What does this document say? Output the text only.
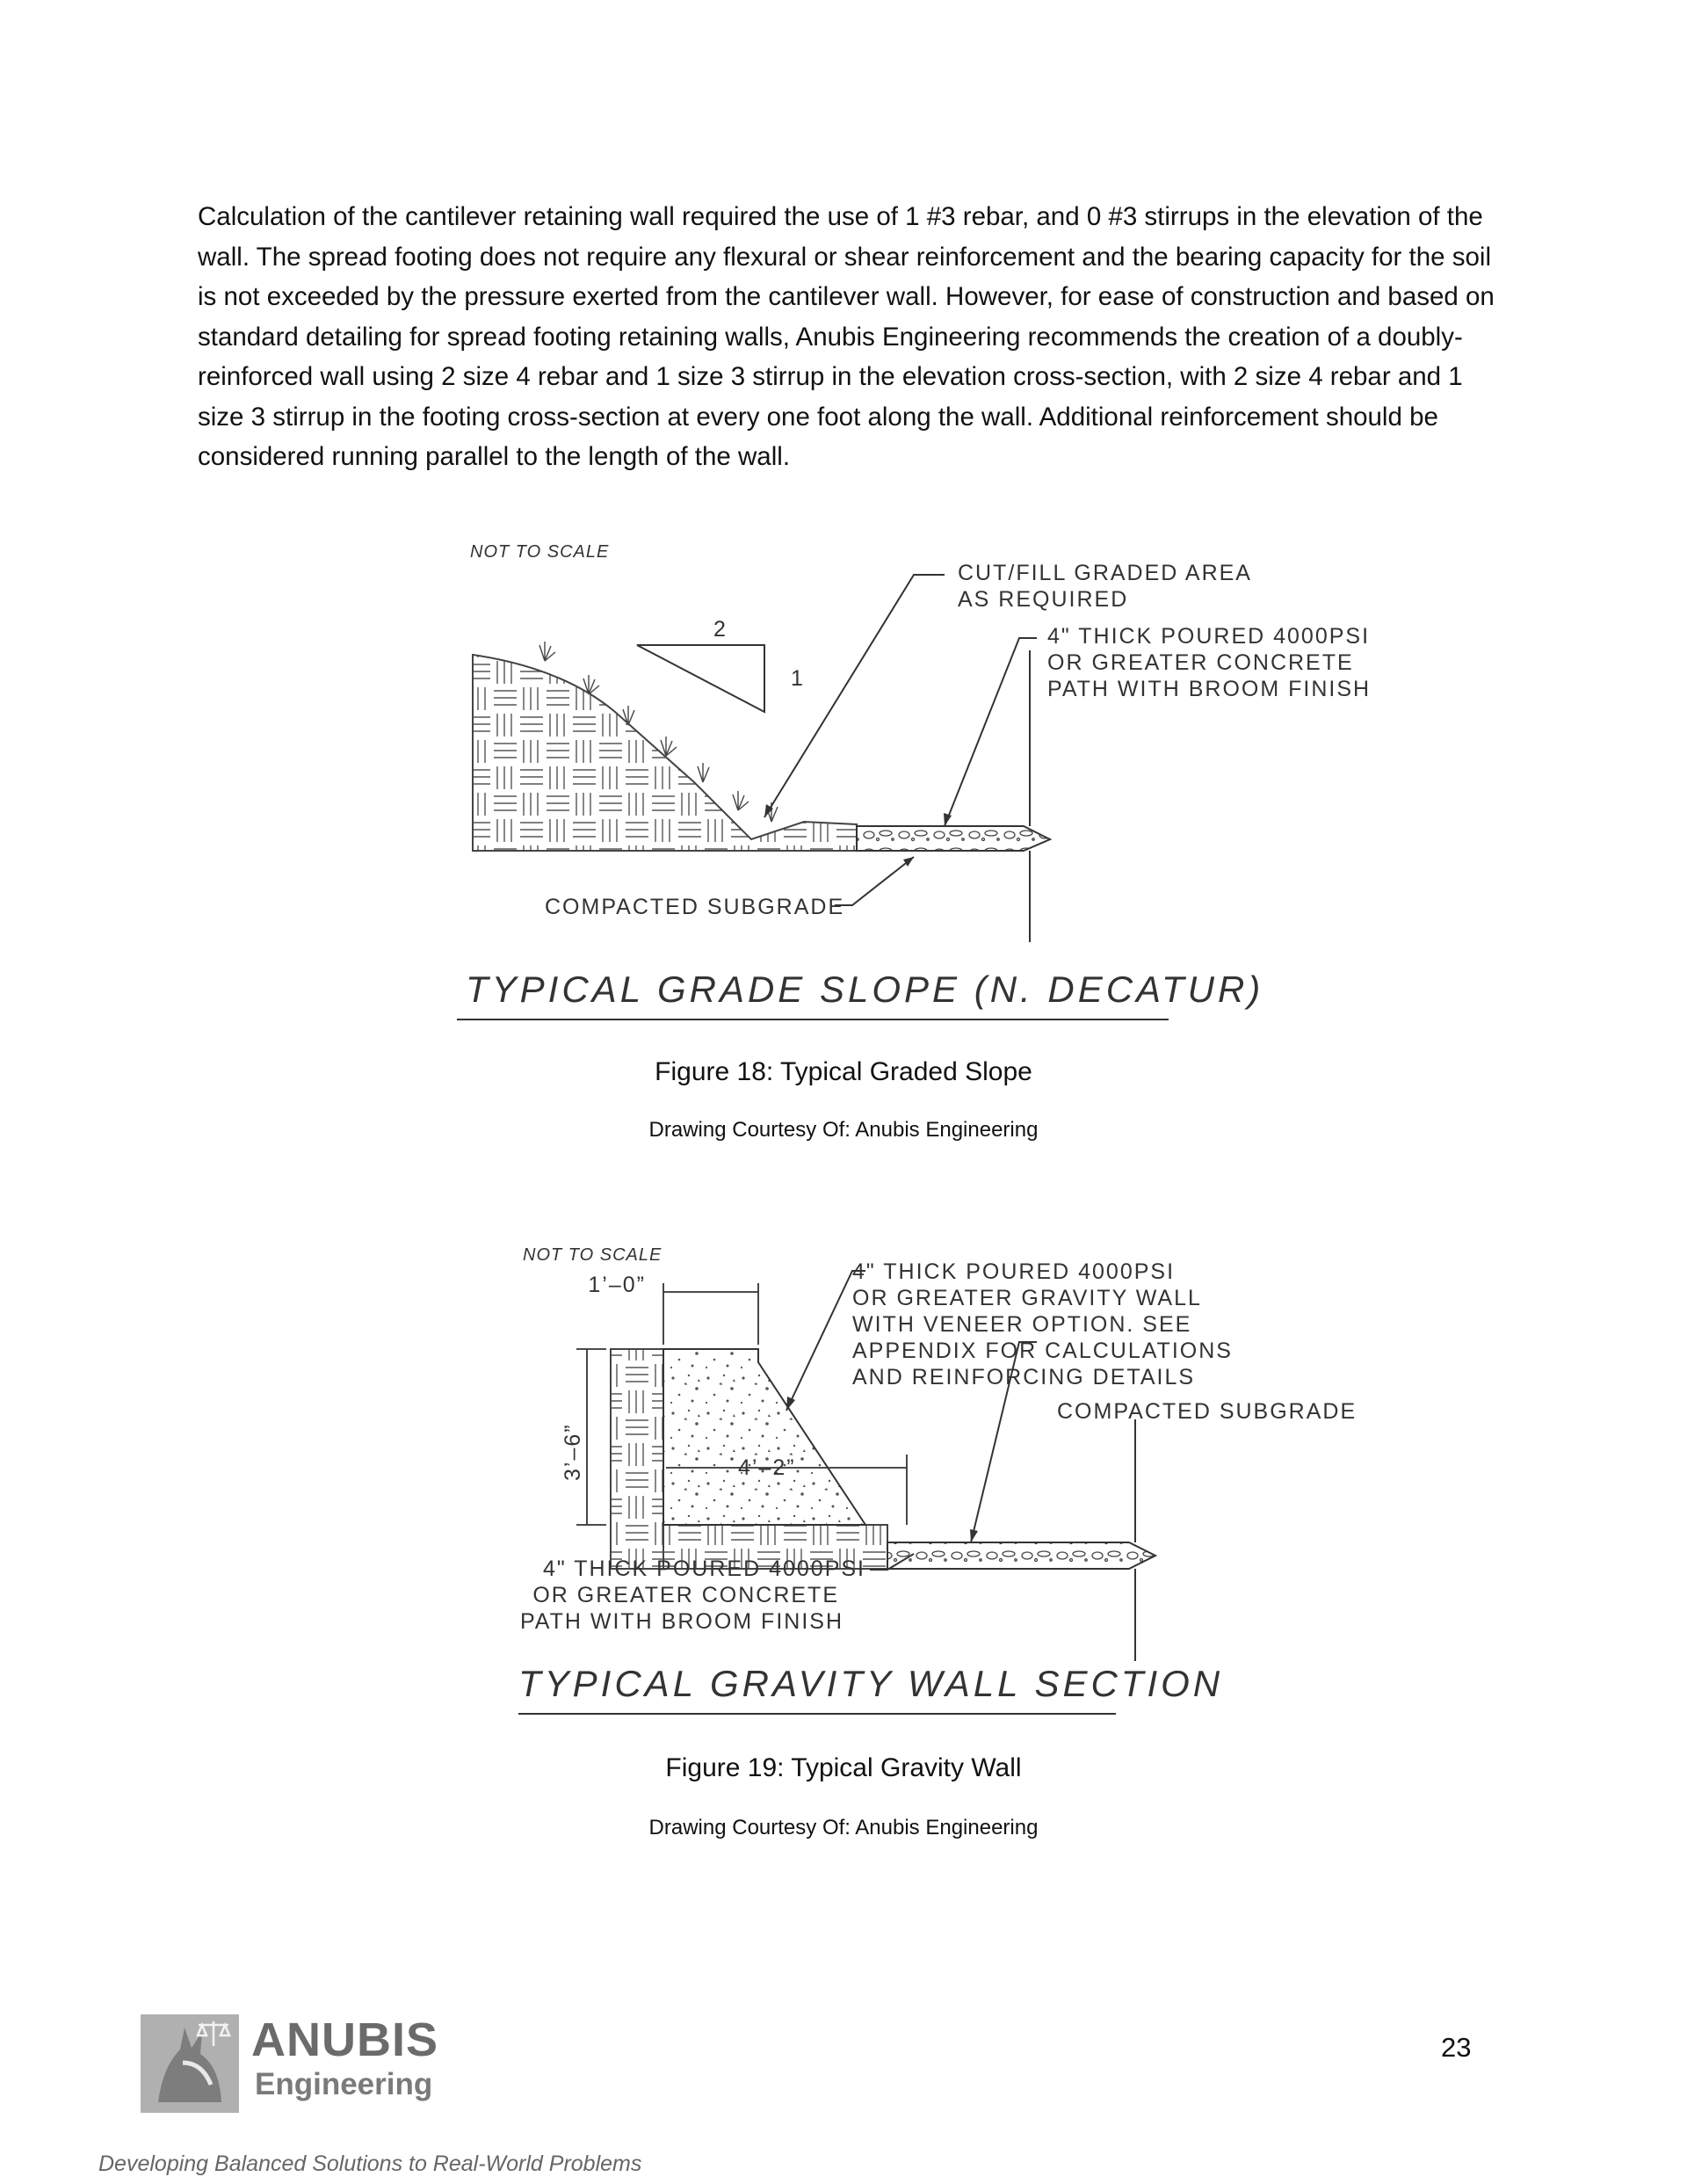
Calculation of the cantilever retaining wall required the use of 1 #3 rebar, and 0 #3 stirrups in the elevation of the wall. The spread footing does not require any flexural or shear reinforcement and the bearing capacity for the soil is not exceeded by the pressure exerted from the cantilever wall. However, for ease of construction and based on standard detailing for spread footing retaining walls, Anubis Engineering recommends the creation of a doubly-reinforced wall using 2 size 4 rebar and 1 size 3 stirrup in the elevation cross-section, with 2 size 4 rebar and 1 size 3 stirrup in the footing cross-section at every one foot along the wall. Additional reinforcement should be considered running parallel to the length of the wall.

NOT TO SCALE
2
1
CUT/FILL GRADED AREA
AS REQUIRED
4" THICK POURED 4000PSI
OR GREATER CONCRETE
PATH WITH BROOM FINISH
COMPACTED SUBGRADE
TYPICAL GRADE SLOPE (N. DECATUR)
Figure 18: Typical Graded Slope
Drawing Courtesy Of: Anubis Engineering
NOT TO SCALE
1’–0”
3’–6”	4’–2”
4" THICK POURED 4000PSI
OR GREATER GRAVITY WALL
WITH VENEER OPTION. SEE
APPENDIX FOR CALCULATIONS
AND REINFORCING DETAILS
COMPACTED SUBGRADE
4" THICK POURED 4000PSI
OR GREATER CONCRETE
PATH WITH BROOM FINISH
TYPICAL GRAVITY WALL SECTION
Figure 19: Typical Gravity Wall
Drawing Courtesy Of: Anubis Engineering
ANUBIS
Engineering
23
Developing Balanced Solutions to Real-World Problems
